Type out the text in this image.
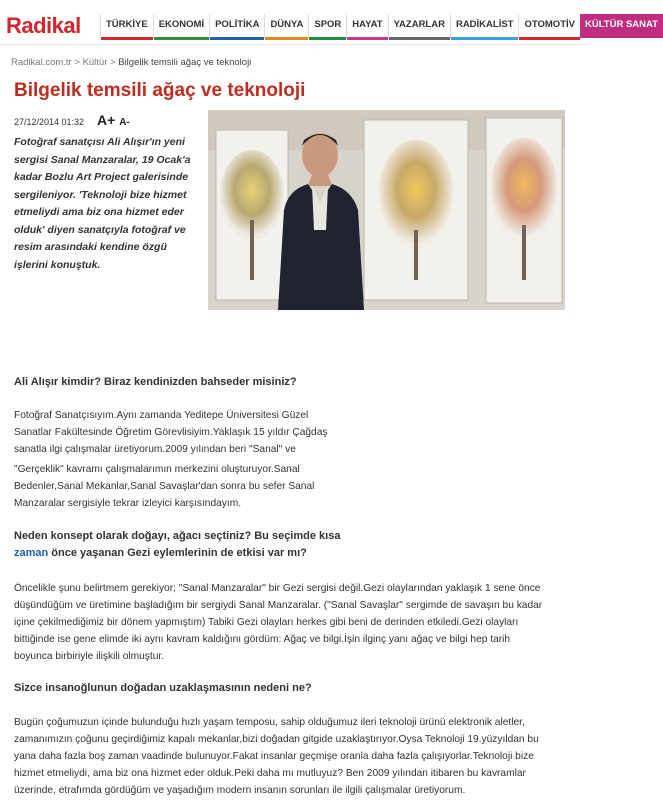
Radikal	TÜRKİYE	EKONOMİ	POLİTİKA	DÜNYA	SPOR	HAYAT	YAZARLAR	RADİKALİST	OTOMOTİV	KÜLTÜR SANAT
Radikal.com.tr > Kültür > Bilgelik temsili ağaç ve teknoloji
Bilgelik temsili ağaç ve teknoloji
27/12/2014 01:32 A+ A-

Fotoğraf sanatçısı Ali Alışır'ın yeni sergisi Sanal Manzaralar, 19 Ocak'a kadar Bozlu Art Project galerisinde sergileniyor. 'Teknoloji bize hizmet etmeliydi ama biz ona hizmet eder olduk' diyen sanatçıyla fotoğraf ve resim arasındaki kendine özgü işlerini konuştuk.

Ali Alışır kimdir? Biraz kendinizden bahseder misiniz?

Fotoğraf Sanatçısıyım.Aynı zamanda Yeditepe Üniversitesi Güzel

Sanatlar Fakültesinde Öğretim Görevlisiyim.Yaklaşık 15 yıldır Çağdaş

sanatla ilgi çalışmalar üretiyorum.2009 yılından beri "Sanal" ve

"Gerçeklik" kavramı çalışmalarımın merkezini oluşturuyor.Sanal

Bedenler,Sanal Mekanlar,Sanal Savaşlar'dan sonra bu sefer Sanal

Manzaralar sergisiyle tekrar izleyici karşısındayım.

Neden konsept olarak doğayı, ağacı seçtiniz? Bu seçimde kısa

zaman önce yaşanan Gezi eylemlerinin de etkisi var mı?

Öncelikle şunu belirtmem gerekiyor; "Sanal Manzaralar" bir Gezi sergisi değil.Gezi olaylarından yaklaşık 1 sene önce

düşündüğüm ve üretimine başladığım bir sergiydi Sanal Manzaralar. ("Sanal Savaşlar" sergimde de savaşın bu kadar

içine çekilmediğimiz bir dönem yapmıştım) Tabiki Gezi olayları herkes gibi beni de derinden etkiledi.Gezi olayları

bittiğinde ise gene elimde iki aynı kavram kaldığını gördüm: Ağaç ve bilgi.İşin ilginç yanı ağaç ve bilgi hep tarih

boyunca birbiriyle ilişkili olmuştur.

Sizce insanoğlunun doğadan uzaklaşmasının nedeni ne?

Bugün çoğumuzun içinde bulunduğu hızlı yaşam temposu, sahip olduğumuz ileri teknoloji ürünü elektronik aletler,

zamanımızın çoğunu geçirdiğimiz kapalı mekanlar,bizi doğadan gitgide uzaklaştırıyor.Oysa Teknoloji 19.yüzyıldan bu

yana daha fazla boş zaman vaadinde bulunuyor.Fakat insanlar geçmişe oranla daha fazla çalışıyorlar.Teknoloji bize

hizmet etmeliydi, ama biz ona hizmet eder olduk.Peki daha mı mutluyuz? Ben 2009 yılından itibaren bu kavramlar

üzerinde, etrafımda gördüğüm ve yaşadığım modern insanın sorunları ile ilgili çalışmalar üretiyorum.
